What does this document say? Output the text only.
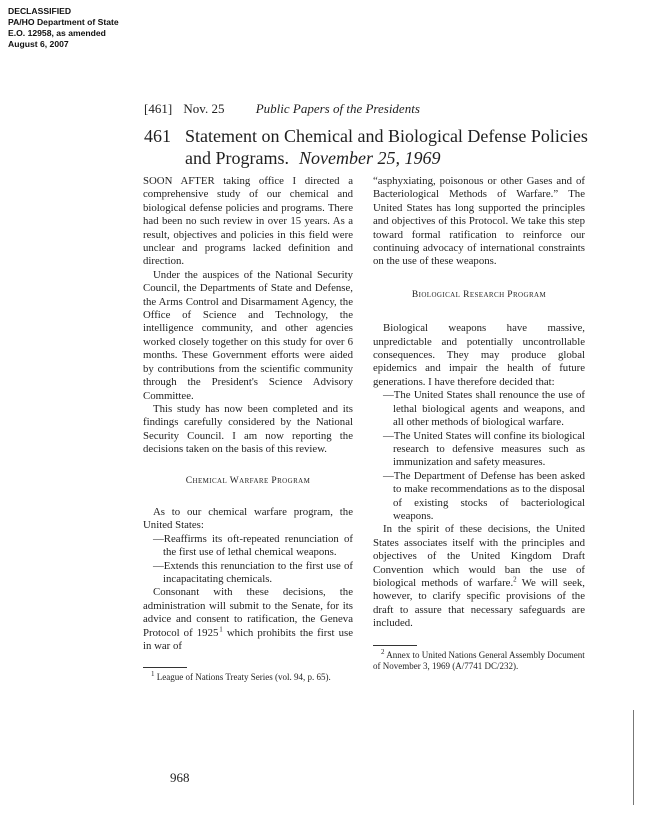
DECLASSIFIED
PA/HO Department of State
E.O. 12958, as amended
August 6, 2007
[461] Nov. 25 Public Papers of the Presidents
461 Statement on Chemical and Biological Defense Policies and Programs. November 25, 1969

SOON AFTER taking office I directed a comprehensive study of our chemical and biological defense policies and programs. There had been no such review in over 15 years. As a result, objectives and policies in this field were unclear and programs lacked definition and direction.

Under the auspices of the National Security Council, the Departments of State and Defense, the Arms Control and Disarmament Agency, the Office of Science and Technology, the intelligence community, and other agencies worked closely together on this study for over 6 months. These Government efforts were aided by contributions from the scientific community through the President's Science Advisory Committee.

This study has now been completed and its findings carefully considered by the National Security Council. I am now reporting the decisions taken on the basis of this review.

Chemical Warfare Program

As to our chemical warfare program, the United States:

—Reaffirms its oft-repeated renunciation of the first use of lethal chemical weapons.

—Extends this renunciation to the first use of incapacitating chemicals.

Consonant with these decisions, the administration will submit to the Senate, for its advice and consent to ratification, the Geneva Protocol of 1925 $^1$ which prohibits the first use in war of

$^1$ League of Nations Treaty Series (vol. 94, p. 65).

“asphyxiating, poisonous or other Gases and of Bacteriological Methods of Warfare.” The United States has long supported the principles and objectives of this Protocol. We take this step toward formal ratification to reinforce our continuing advocacy of international constraints on the use of these weapons.

Biological Research Program

Biological weapons have massive, unpredictable and potentially uncontrollable consequences. They may produce global epidemics and impair the health of future generations. I have therefore decided that:

—The United States shall renounce the use of lethal biological agents and weapons, and all other methods of biological warfare.

—The United States will confine its biological research to defensive measures such as immunization and safety measures.

—The Department of Defense has been asked to make recommendations as to the disposal of existing stocks of bacteriological weapons.

In the spirit of these decisions, the United States associates itself with the principles and objectives of the United Kingdom Draft Convention which would ban the use of biological methods of warfare.$^2$ We will seek, however, to clarify specific provisions of the draft to assure that necessary safeguards are included.

$^2$ Annex to United Nations General Assembly Document of November 3, 1969 (A/7741 DC/232).

968
